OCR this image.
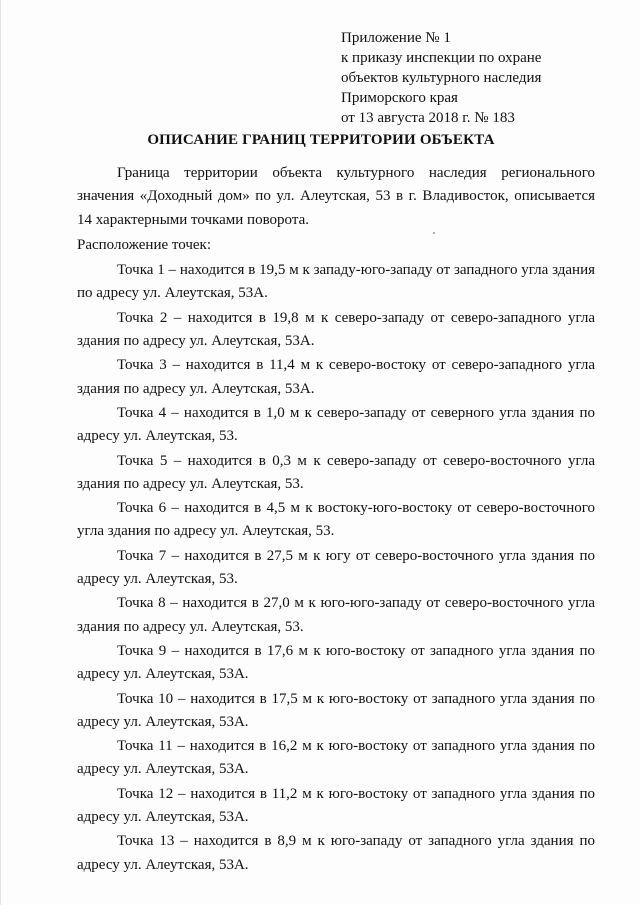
Приложение № 1
к приказу инспекции по охране
объектов культурного наследия
Приморского края
от 13 августа 2018 г. № 183
ОПИСАНИЕ ГРАНИЦ ТЕРРИТОРИИ ОБЪЕКТА

Граница территории объекта культурного наследия регионального значения «Доходный дом» по ул. Алеутская, 53 в г. Владивосток, описывается 14 характерными точками поворота.

Расположение точек:

Точка 1 – находится в 19,5 м к западу-юго-западу от западного угла здания по адресу ул. Алеутская, 53А.

Точка 2 – находится в 19,8 м к северо-западу от северо-западного угла здания по адресу ул. Алеутская, 53А.

Точка 3 – находится в 11,4 м к северо-востоку от северо-западного угла здания по адресу ул. Алеутская, 53А.

Точка 4 – находится в 1,0 м к северо-западу от северного угла здания по адресу ул. Алеутская, 53.

Точка 5 – находится в 0,3 м к северо-западу от северо-восточного угла здания по адресу ул. Алеутская, 53.

Точка 6 – находится в 4,5 м к востоку-юго-востоку от северо-восточного угла здания по адресу ул. Алеутская, 53.

Точка 7 – находится в 27,5 м к югу от северо-восточного угла здания по адресу ул. Алеутская, 53.

Точка 8 – находится в 27,0 м к юго-юго-западу от северо-восточного угла здания по адресу ул. Алеутская, 53.

Точка 9 – находится в 17,6 м к юго-востоку от западного угла здания по адресу ул. Алеутская, 53А.

Точка 10 – находится в 17,5 м к юго-востоку от западного угла здания по адресу ул. Алеутская, 53А.

Точка 11 – находится в 16,2 м к юго-востоку от западного угла здания по адресу ул. Алеутская, 53А.

Точка 12 – находится в 11,2 м к юго-востоку от западного угла здания по адресу ул. Алеутская, 53А.

Точка 13 – находится в 8,9 м к юго-западу от западного угла здания по адресу ул. Алеутская, 53А.
